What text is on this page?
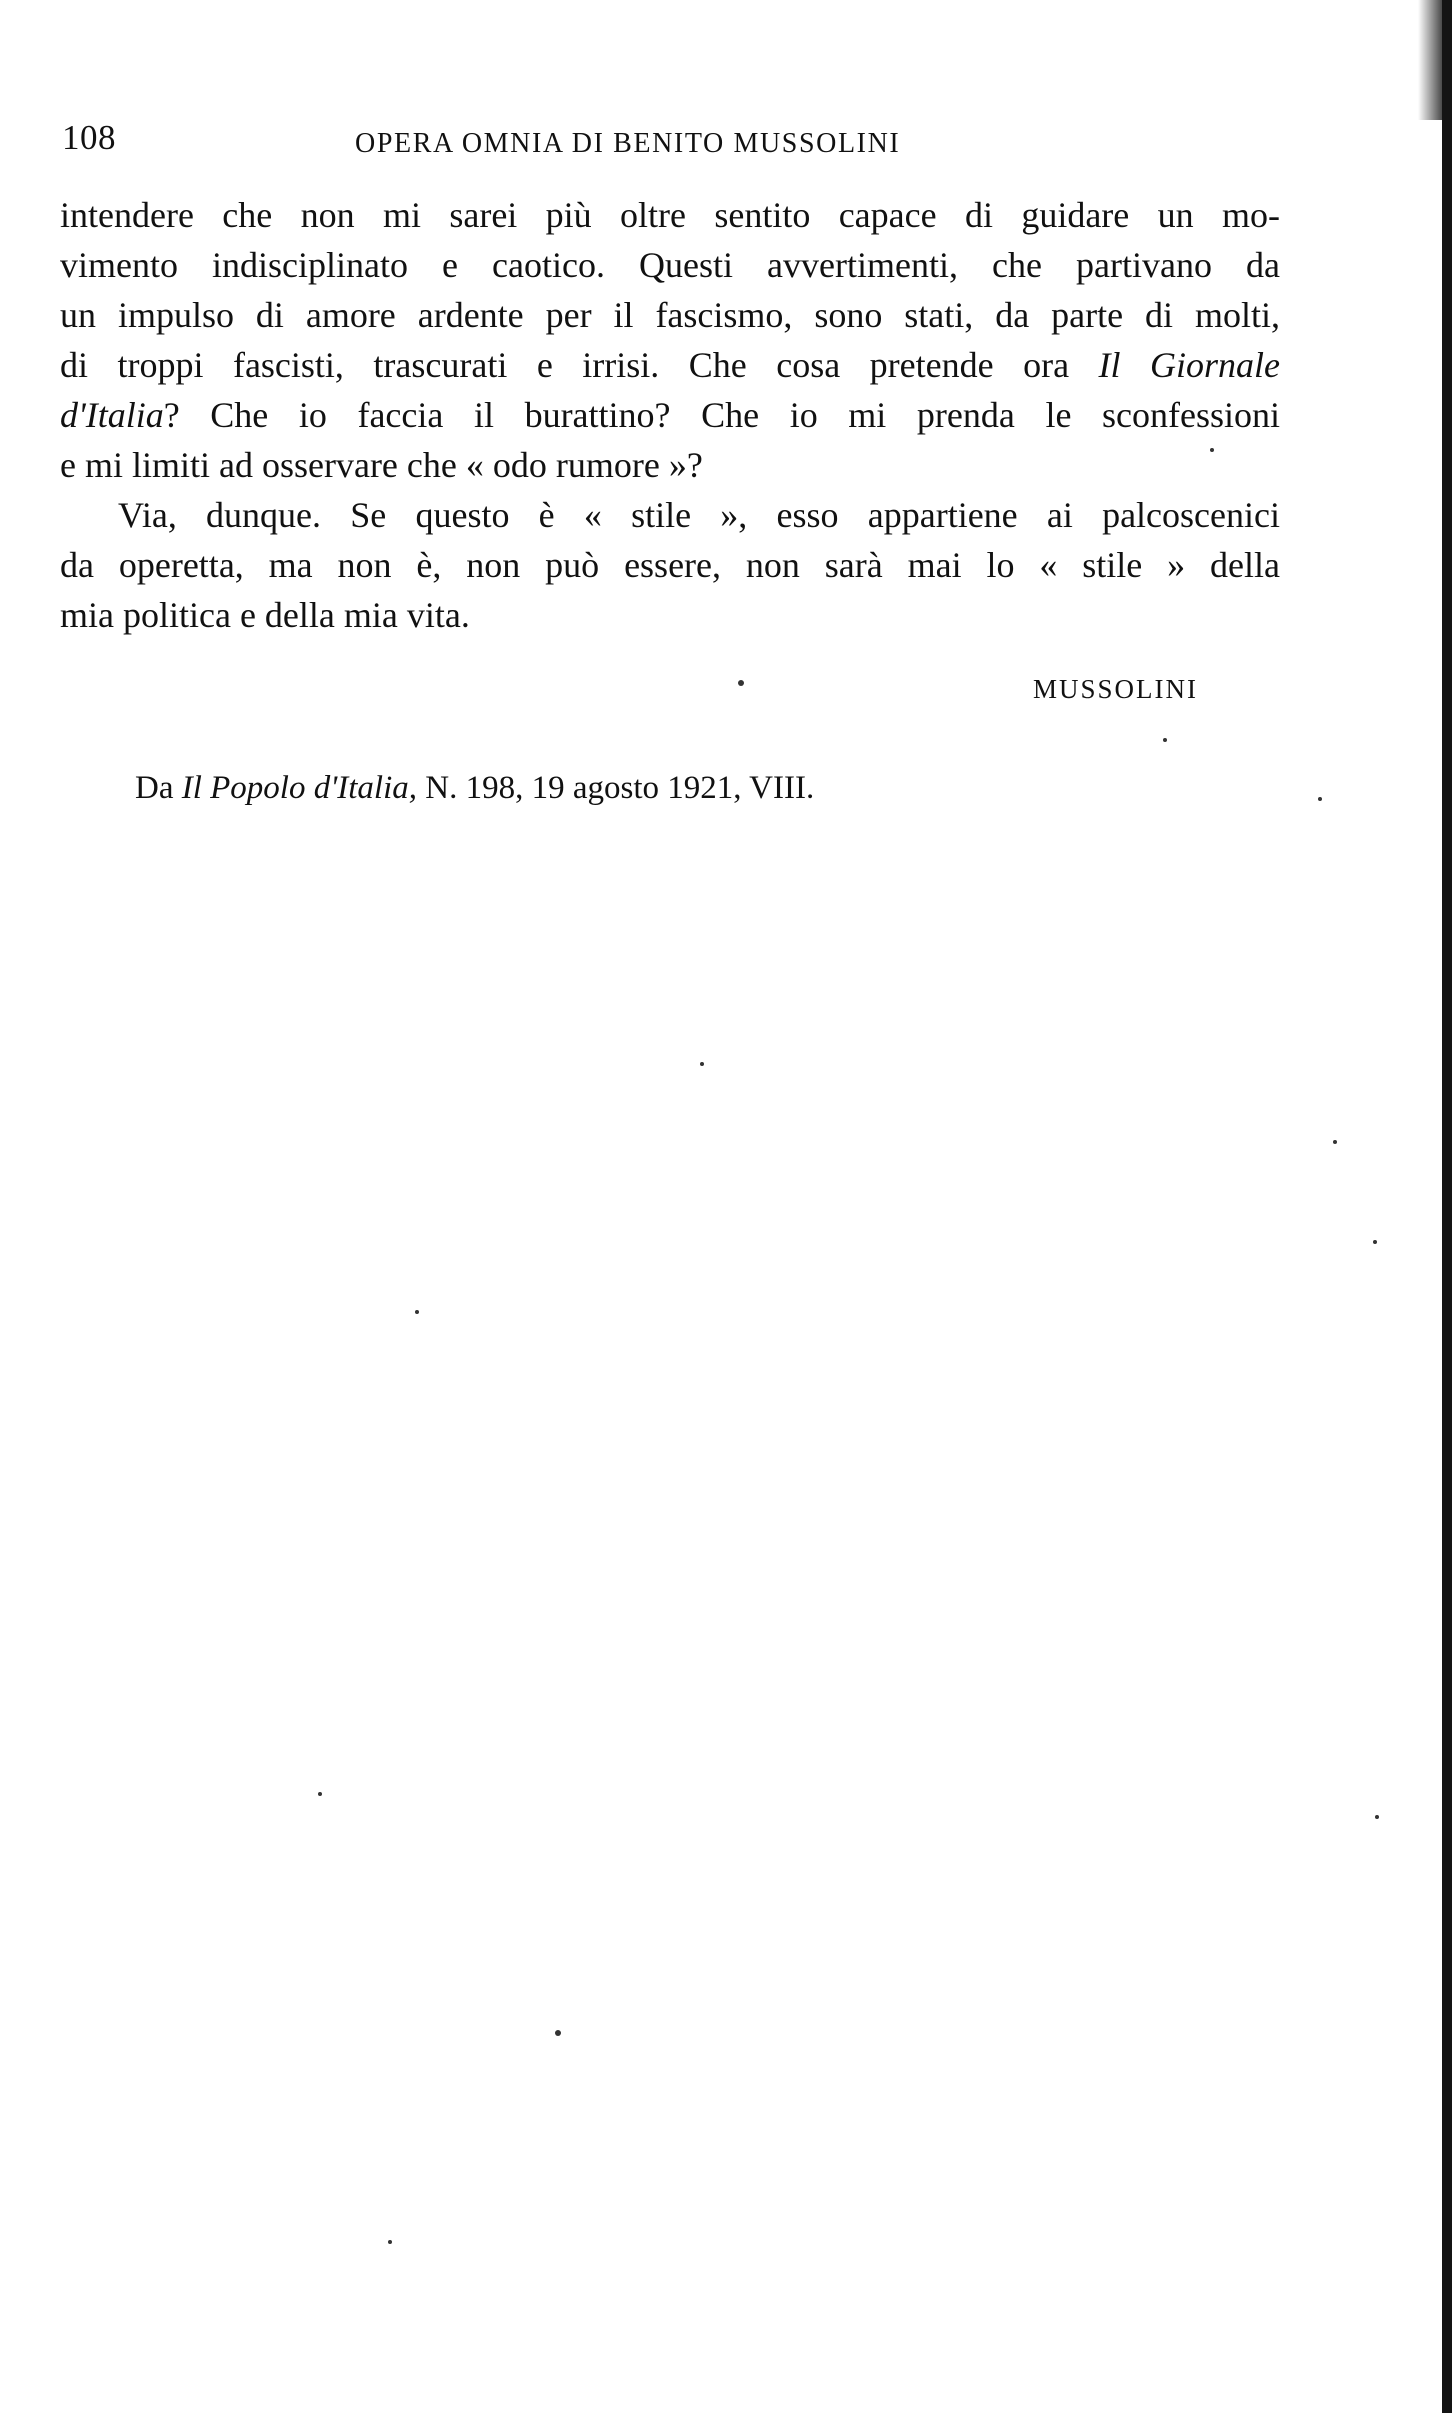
108	OPERA OMNIA DI BENITO MUSSOLINI
intendere che non mi sarei più oltre sentito capace di guidare un mo-
vimento indisciplinato e caotico. Questi avvertimenti, che partivano da
un impulso di amore ardente per il fascismo, sono stati, da parte di molti,
di troppi fascisti, trascurati e irrisi. Che cosa pretende ora Il Giornale
d'Italia? Che io faccia il burattino? Che io mi prenda le sconfessioni
e mi limiti ad osservare che « odo rumore »?
Via, dunque. Se questo è « stile », esso appartiene ai palcoscenici
da operetta, ma non è, non può essere, non sarà mai lo « stile » della
mia politica e della mia vita.
MUSSOLINI
Da Il Popolo d'Italia, N. 198, 19 agosto 1921, VIII.
